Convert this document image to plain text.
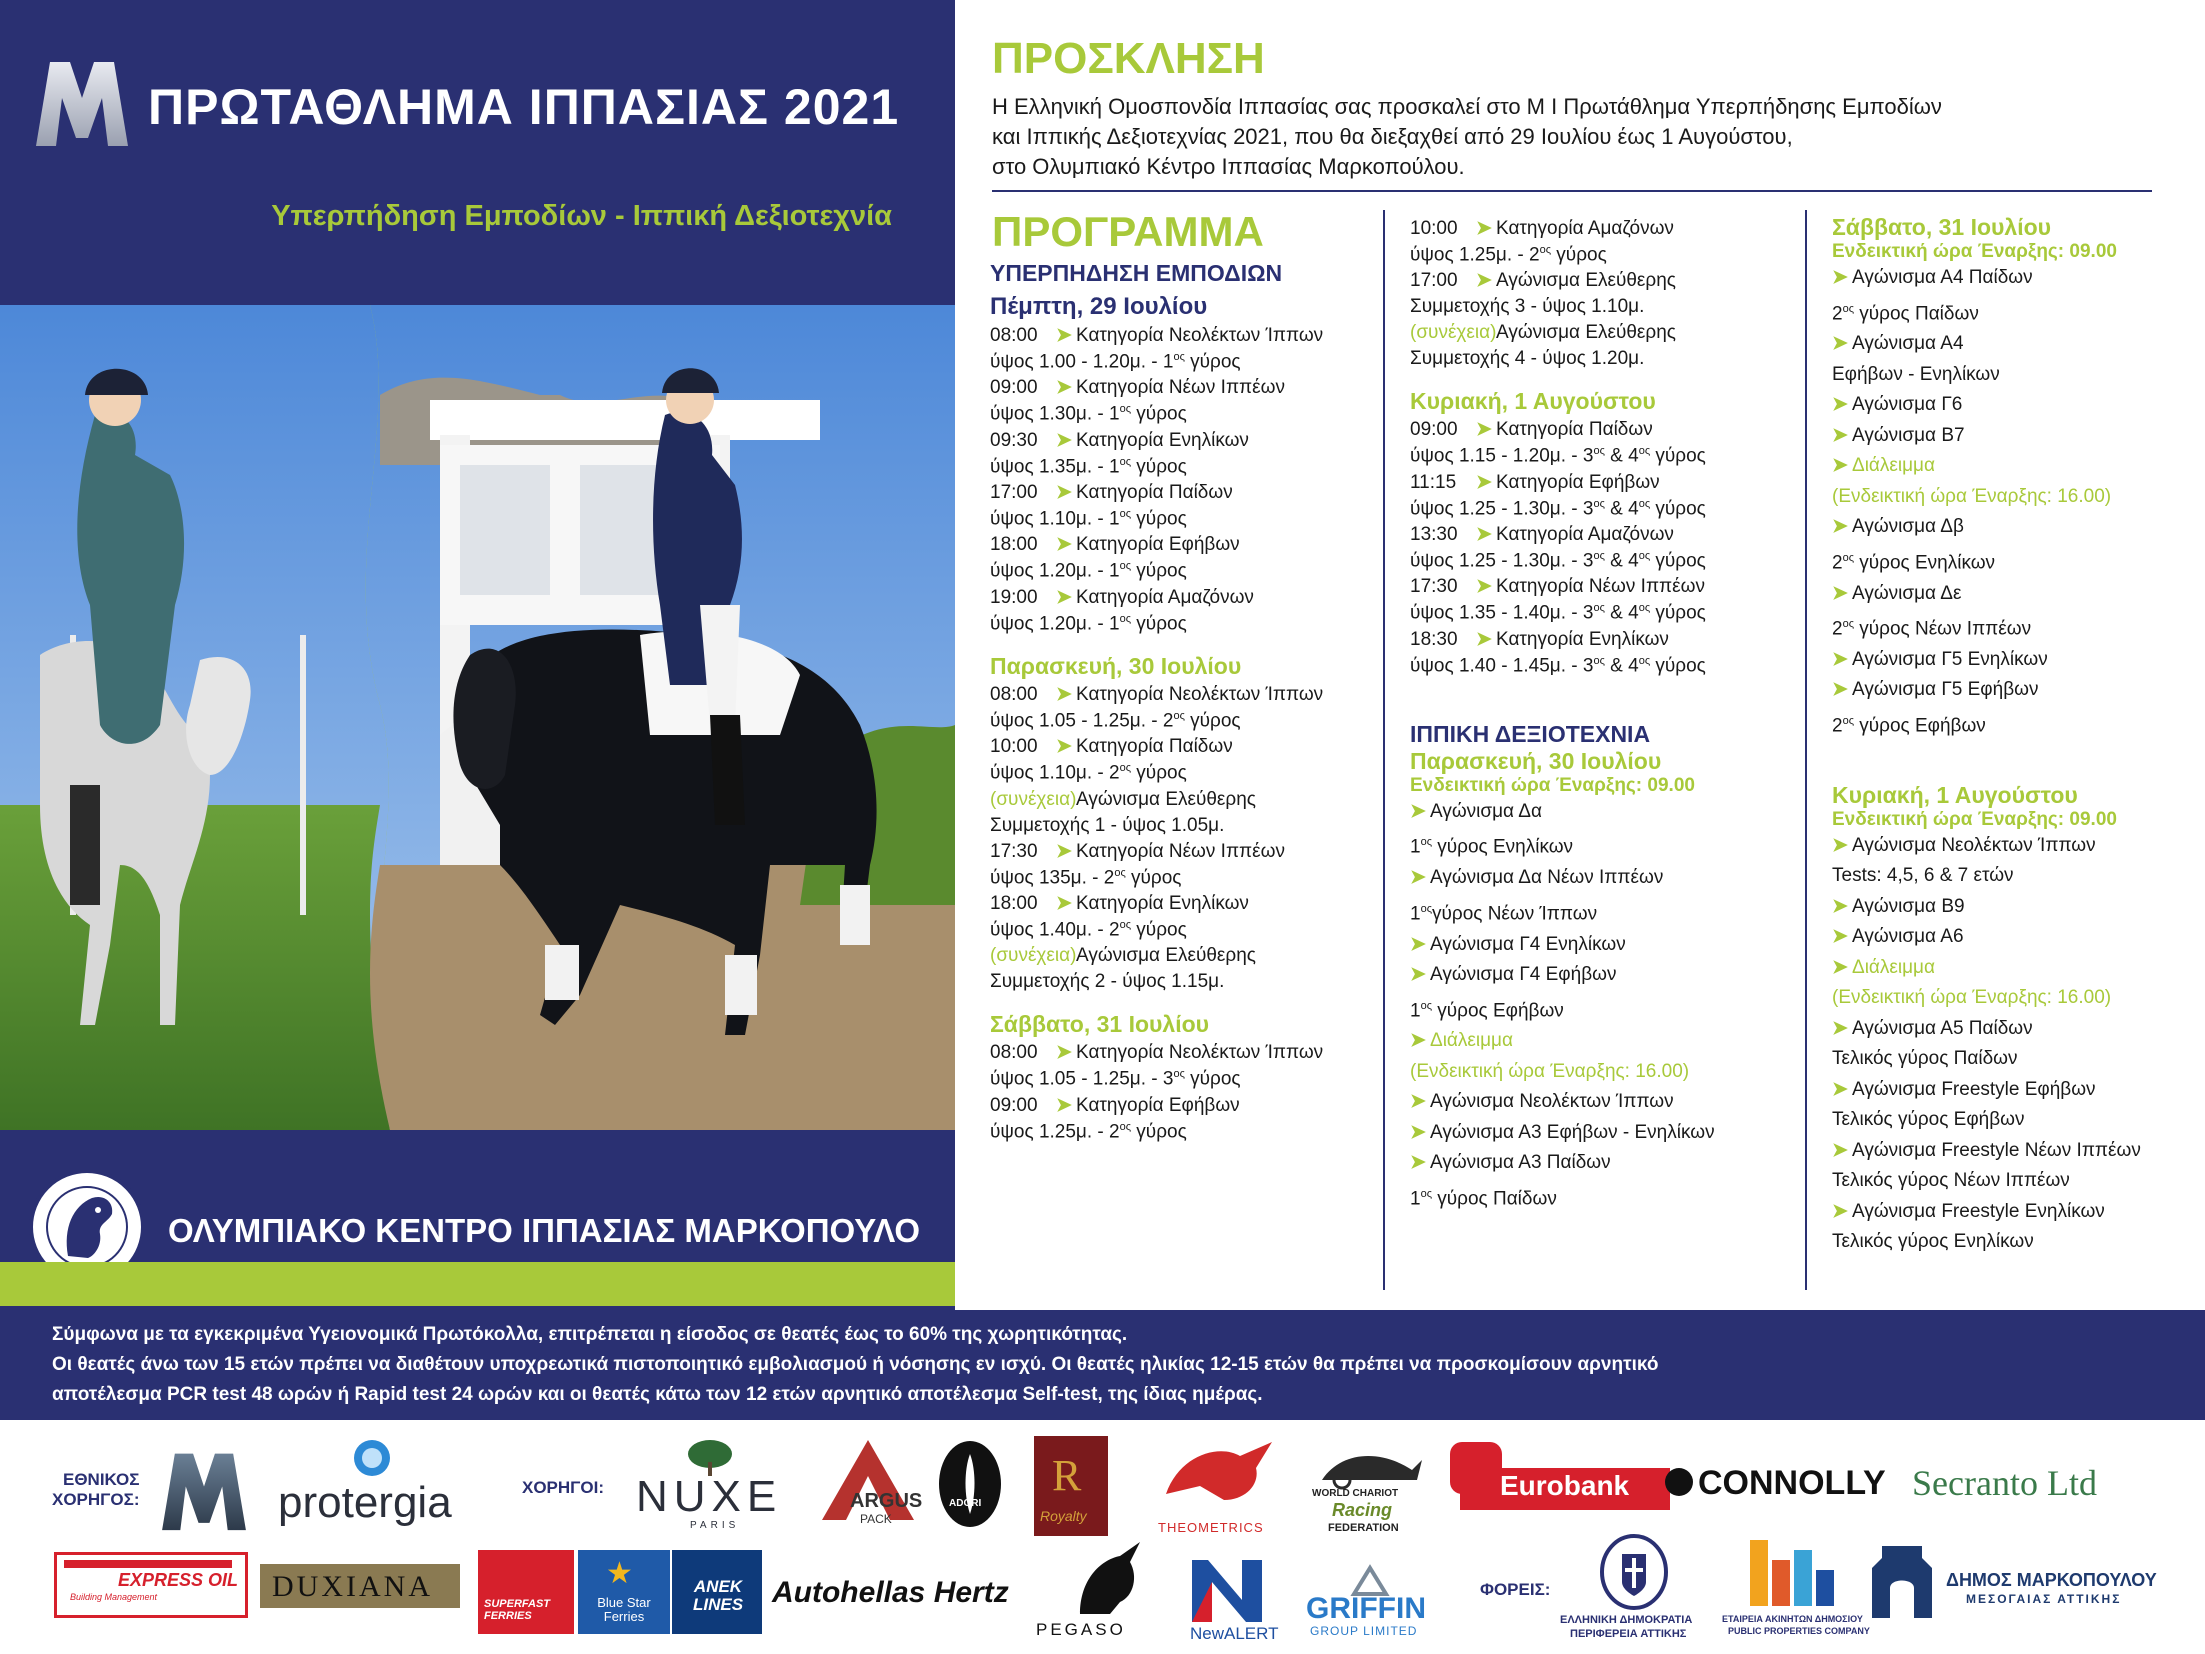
ΠΡΩΤΑΘΛΗΜΑ ΙΠΠΑΣΙΑΣ 2021
Υπερπήδηση Εμποδίων - Ιππική Δεξιοτεχνία
ΟΛΥΜΠΙΑΚΟ ΚΕΝΤΡΟ ΙΠΠΑΣΙΑΣ ΜΑΡΚΟΠΟΥΛΟ
ΠΡΟΣΚΛΗΣΗ
Η Ελληνική Ομοσπονδία Ιππασίας σας προσκαλεί στο Μ Ι Πρωτάθλημα Υπερπήδησης Εμποδίων
και Ιππικής Δεξιοτεχνίας 2021, που θα διεξαχθεί από 29 Ιουλίου έως 1 Αυγούστου,
στο Ολυμπιακό Κέντρο Ιππασίας Μαρκοπούλου.
ΠΡΟΓΡΑΜΜΑ
ΥΠΕΡΠΗΔΗΣΗ ΕΜΠΟΔΙΩΝ
Πέμπτη, 29 Ιουλίου
08:00 ➤ Κατηγορία Νεολέκτων Ίππων
ύψος 1.00 - 1.20μ. - $1^{o\varsigma}$ γύρος
09:00 ➤ Κατηγορία Νέων Ιππέων
ύψος 1.30μ. - $1^{o\varsigma}$ γύρος
09:30 ➤ Κατηγορία Ενηλίκων
ύψος 1.35μ. - $1^{o\varsigma}$ γύρος
17:00 ➤ Κατηγορία Παίδων
ύψος 1.10μ. - $1^{o\varsigma}$ γύρος
18:00 ➤ Κατηγορία Εφήβων
ύψος 1.20μ. - $1^{o\varsigma}$ γύρος
19:00 ➤ Κατηγορία Αμαζόνων
ύψος 1.20μ. - $1^{o\varsigma}$ γύρος
Παρασκευή, 30 Ιουλίου
08:00 ➤ Κατηγορία Νεολέκτων Ίππων
ύψος 1.05 - 1.25μ. - $2^{o\varsigma}$ γύρος
10:00 ➤ Κατηγορία Παίδων
ύψος 1.10μ. - $2^{o\varsigma}$ γύρος
(συνέχεια) Αγώνισμα Ελεύθερης
Συμμετοχής 1 - ύψος 1.05μ.
17:30 ➤ Κατηγορία Νέων Ιππέων
ύψος 135μ. - $2^{o\varsigma}$ γύρος
18:00 ➤ Κατηγορία Ενηλίκων
ύψος 1.40μ. - $2^{o\varsigma}$ γύρος
(συνέχεια) Αγώνισμα Ελεύθερης
Συμμετοχής 2 - ύψος 1.15μ.
Σάββατο, 31 Ιουλίου
08:00 ➤ Κατηγορία Νεολέκτων Ίππων
ύψος 1.05 - 1.25μ. - $3^{o\varsigma}$ γύρος
09:00 ➤ Κατηγορία Εφήβων
ύψος 1.25μ. - $2^{o\varsigma}$ γύρος
10:00 ➤ Κατηγορία Αμαζόνων
ύψος 1.25μ. - $2^{o\varsigma}$ γύρος
17:00 ➤ Αγώνισμα Ελεύθερης
Συμμετοχής 3 - ύψος 1.10μ.
(συνέχεια) Αγώνισμα Ελεύθερης
Συμμετοχής 4 - ύψος 1.20μ.
Κυριακή, 1 Αυγούστου
09:00 ➤ Κατηγορία Παίδων
ύψος 1.15 - 1.20μ. - $3^{o\varsigma}$ & $4^{o\varsigma}$ γύρος
11:15	➤ Κατηγορία Εφήβων
ύψος 1.25 - 1.30μ. - $3^{o\varsigma}$ & $4^{o\varsigma}$ γύρος
13:30 ➤ Κατηγορία Αμαζόνων
ύψος 1.25 - 1.30μ. - $3^{o\varsigma}$ & $4^{o\varsigma}$ γύρος
17:30 ➤ Κατηγορία Νέων Ιππέων
ύψος 1.35 - 1.40μ. - $3^{o\varsigma}$ & $4^{o\varsigma}$ γύρος
18:30 ➤ Κατηγορία Ενηλίκων
ύψος 1.40 - 1.45μ. - $3^{o\varsigma}$ & $4^{o\varsigma}$ γύρος
ΙΠΠΙΚΗ ΔΕΞΙΟΤΕΧΝΙΑ
Παρασκευή, 30 Ιουλίου
Ενδεικτική ώρα Έναρξης: 09.00
➤ Αγώνισμα Δα
$1^{o\varsigma}$ γύρος Ενηλίκων
➤ Αγώνισμα Δα Νέων Ιππέων
$1^{o\varsigma}\gamma ύ\rho o\varsigma$ Νέων Ίππων
➤ Αγώνισμα Γ4 Ενηλίκων
➤ Αγώνισμα Γ4 Εφήβων
$1^{o\varsigma}$ γύρος Εφήβων
➤ Διάλειμμα
(Ενδεικτική ώρα Έναρξης: 16.00)
➤ Αγώνισμα Νεολέκτων Ίππων
➤ Αγώνισμα Α3 Εφήβων - Ενηλίκων
➤ Αγώνισμα Α3 Παίδων
$1^{o\varsigma}$ γύρος Παίδων
Σάββατο, 31 Ιουλίου
Ενδεικτική ώρα Έναρξης: 09.00
➤ Αγώνισμα Α4 Παίδων
$2^{o\varsigma}$ γύρος Παίδων
➤ Αγώνισμα Α4
Εφήβων - Ενηλίκων
➤ Αγώνισμα Γ6
➤ Αγώνισμα Β7
➤ Διάλειμμα
(Ενδεικτική ώρα Έναρξης: 16.00)
➤ Αγώνισμα Δβ
$2^{o\varsigma}$ γύρος Ενηλίκων
➤ Αγώνισμα Δε
$2^{o\varsigma}$ γύρος Νέων Ιππέων
➤ Αγώνισμα Γ5 Ενηλίκων
➤ Αγώνισμα Γ5 Εφήβων
$2^{o\varsigma}$ γύρος Εφήβων
Κυριακή, 1 Αυγούστου
Ενδεικτική ώρα Έναρξης: 09.00
➤ Αγώνισμα Νεολέκτων Ίππων
Tests: 4,5, 6 & 7 ετών
➤ Αγώνισμα Β9
➤ Αγώνισμα Α6
➤ Διάλειμμα
(Ενδεικτική ώρα Έναρξης: 16.00)
➤ Αγώνισμα Α5 Παίδων
Τελικός γύρος Παίδων
➤ Αγώνισμα Freestyle Εφήβων
Τελικός γύρος Εφήβων
➤ Αγώνισμα Freestyle Νέων Ιππέων
Τελικός γύρος Νέων Ιππέων
➤ Αγώνισμα Freestyle Ενηλίκων
Τελικός γύρος Ενηλίκων

Σύμφωνα με τα εγκεκριμένα Υγειονομικά Πρωτόκολλα, επιτρέπεται η είσοδος σε θεατές έως το 60% της χωρητικότητας.

Οι θεατές άνω των 15 ετών πρέπει να διαθέτουν υποχρεωτικά πιστοποιητικό εμβολιασμού ή νόσησης εν ισχύ. Οι θεατές ηλικίας 12-15 ετών θα πρέπει να προσκομίσουν αρνητικό

αποτέλεσμα PCR test 48 ωρών ή Rapid test 24 ωρών και οι θεατές κάτω των 12 ετών αρνητικό αποτέλεσμα Self-test, της ίδιας ημέρας.

ΕΘΝΙΚΟΣ
ΧΟΡΗΓΟΣ:	protergia	ΧΟΡΗΓΟΙ: NUXE
PARIS
ARGUS
PACK
ADORI
R
Royalty
THEOMETRICS
WORLD CHARIOT
Racing
FEDERATION
Eurobank CONNOLLY Secranto Ltd
EXPRESS OIL
Building Management	DUXIANA
SUPERFAST FERRIES
★
Blue Star Ferries
ANEK LINES Autohellas Hertz
PEGASO	NewALERT
GRIFFIN
GROUP LIMITED
ΦΟΡΕΙΣ:
ΕΛΛΗΝΙΚΗ ΔΗΜΟΚΡΑΤΙΑ
ΠΕΡΙΦΕΡΕΙΑ ΑΤΤΙΚΗΣ
ΕΤΑΙΡΕΙΑ ΑΚΙΝΗΤΩΝ ΔΗΜΟΣΙΟΥ
PUBLIC PROPERTIES COMPANY
ΔΗΜΟΣ ΜΑΡΚΟΠΟΥΛΟΥ
ΜΕΣΟΓΑΙΑΣ ΑΤΤΙΚΗΣ
